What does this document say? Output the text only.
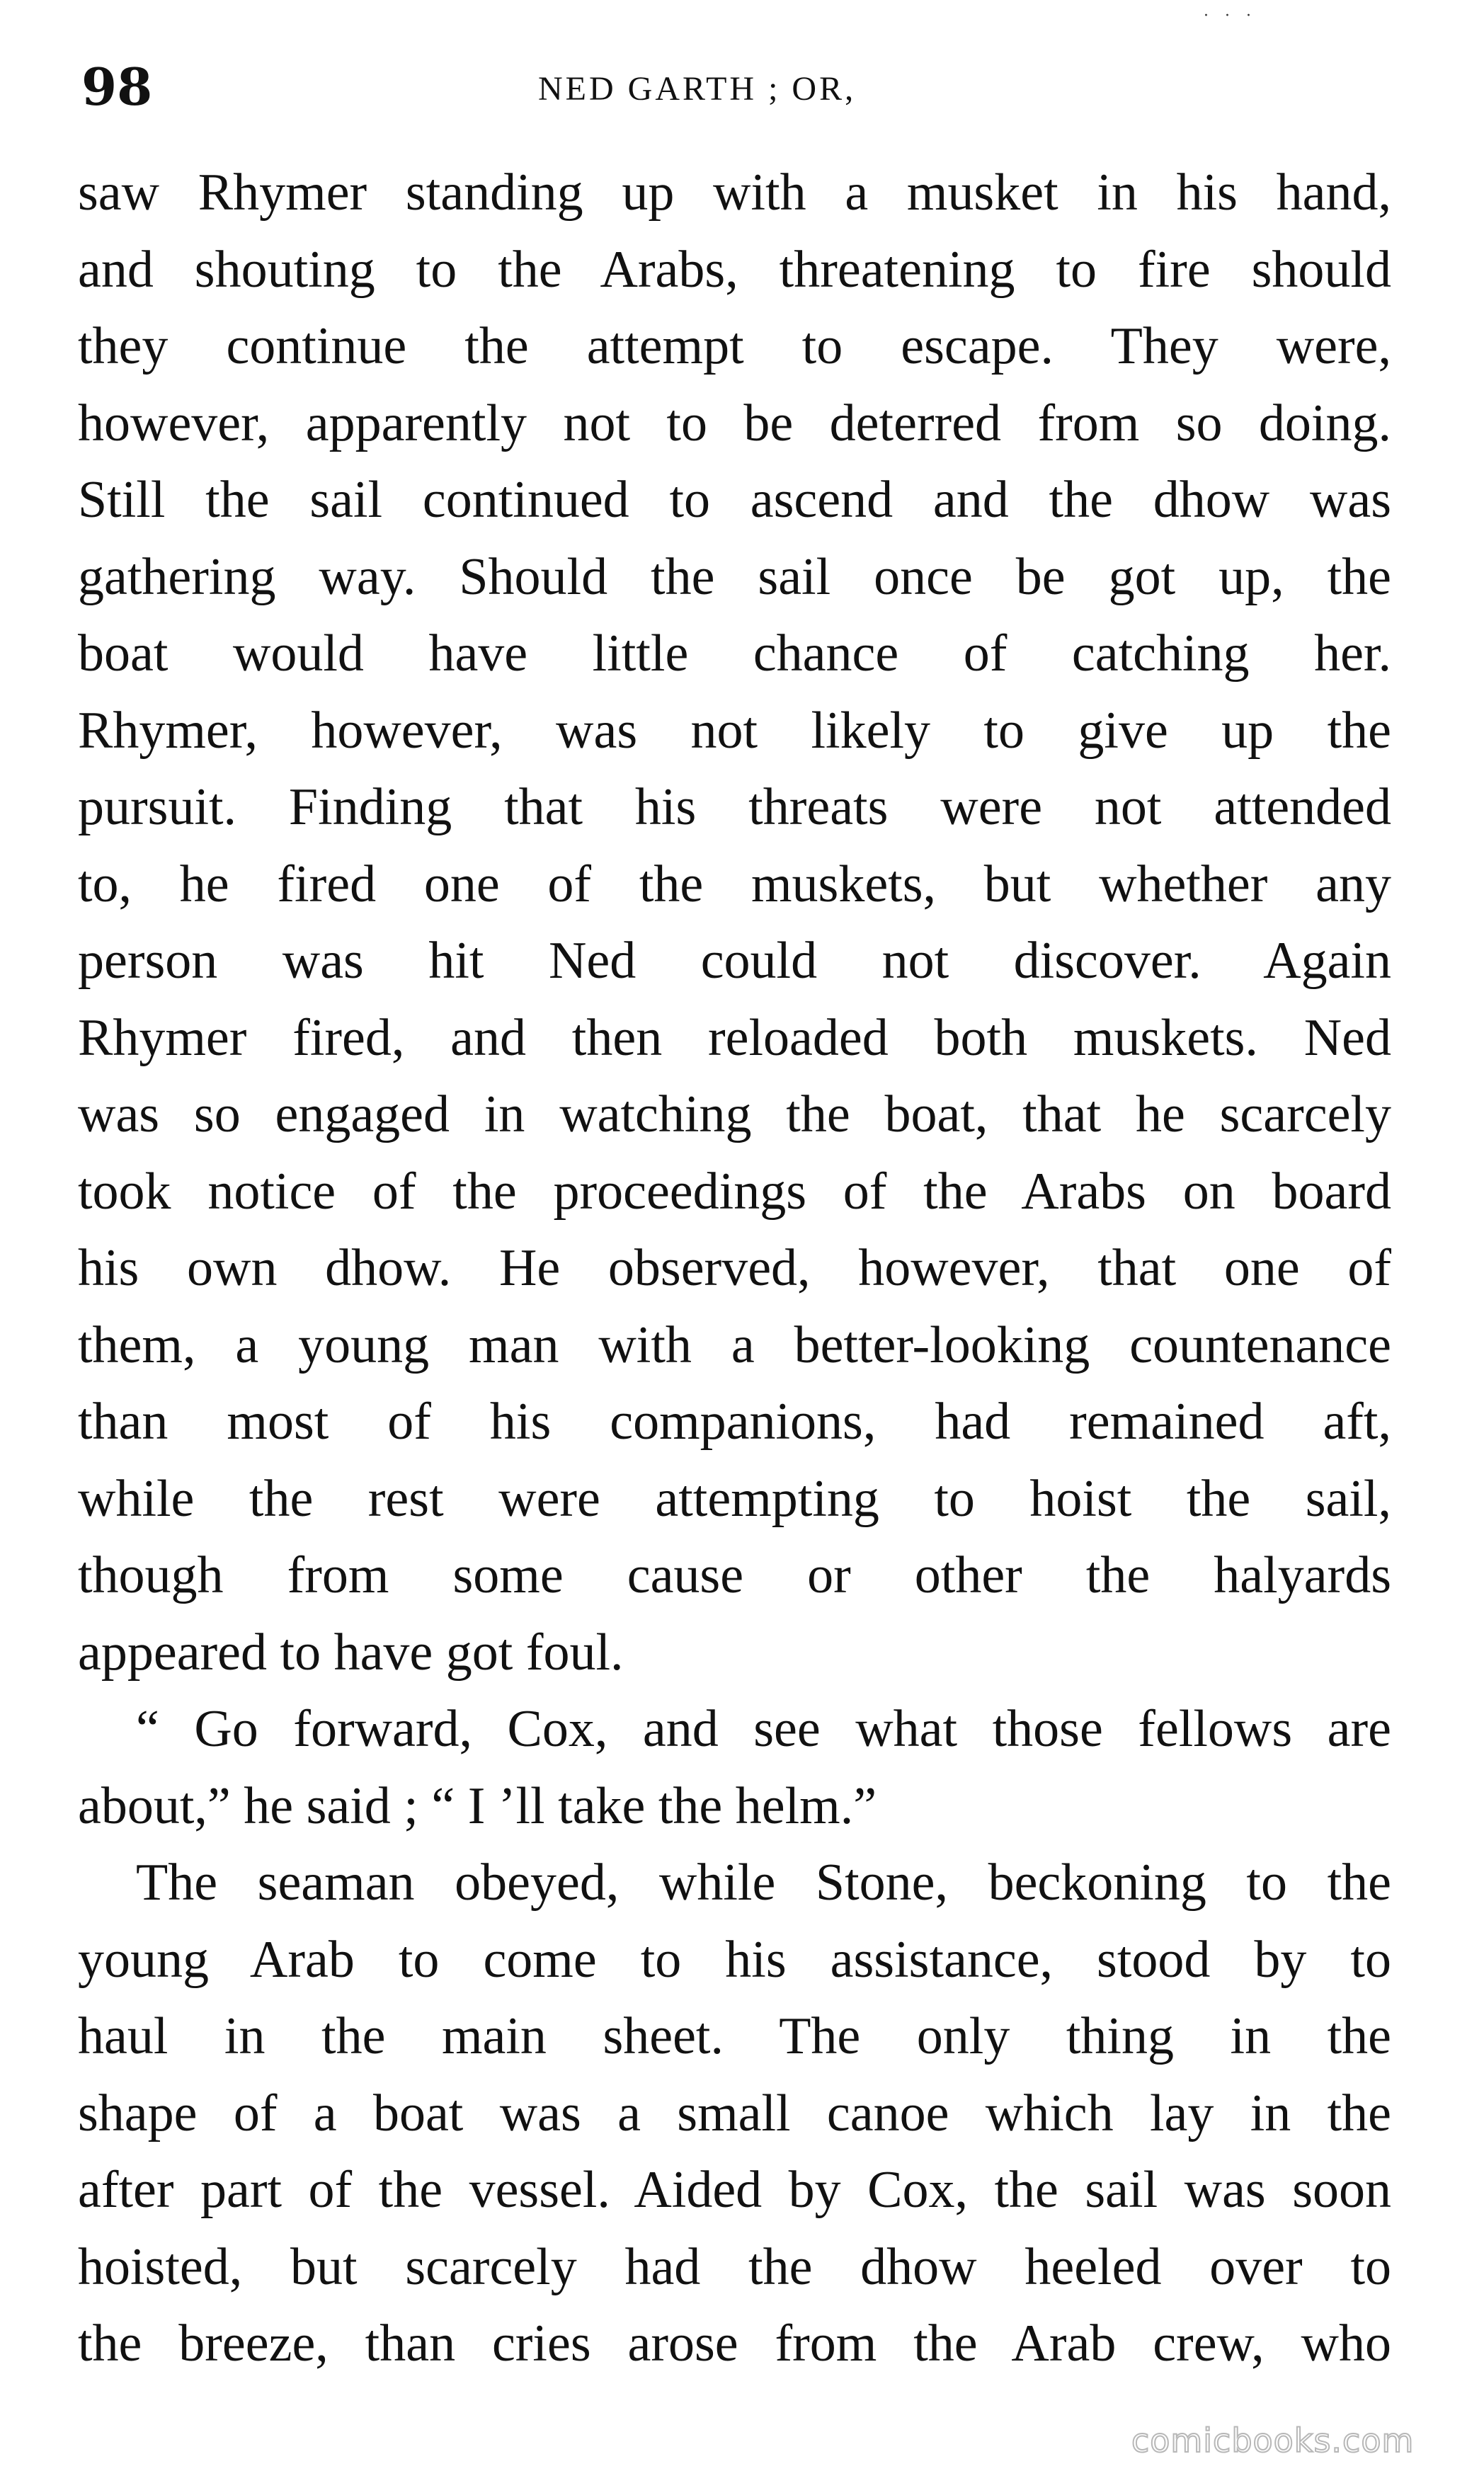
· · ·
98	NED GARTH ; OR,
saw Rhymer standing up with a musket in his hand,
and shouting to the Arabs, threatening to fire should
they continue the attempt to escape. They were,
however, apparently not to be deterred from so doing.
Still the sail continued to ascend and the dhow was
gathering way. Should the sail once be got up, the
boat would have little chance of catching her.
Rhymer, however, was not likely to give up the
pursuit. Finding that his threats were not attended
to, he fired one of the muskets, but whether any
person was hit Ned could not discover. Again
Rhymer fired, and then reloaded both muskets. Ned
was so engaged in watching the boat, that he scarcely
took notice of the proceedings of the Arabs on board
his own dhow. He observed, however, that one of
them, a young man with a better-looking countenance
than most of his companions, had remained aft,
while the rest were attempting to hoist the sail,
though from some cause or other the halyards
appeared to have got foul.
“ Go forward, Cox, and see what those fellows are
about,” he said ; “ I ’ll take the helm.”
The seaman obeyed, while Stone, beckoning to the
young Arab to come to his assistance, stood by to
haul in the main sheet. The only thing in the
shape of a boat was a small canoe which lay in the
after part of the vessel. Aided by Cox, the sail was soon
hoisted, but scarcely had the dhow heeled over to
the breeze, than cries arose from the Arab crew, who
comicbooks.com
